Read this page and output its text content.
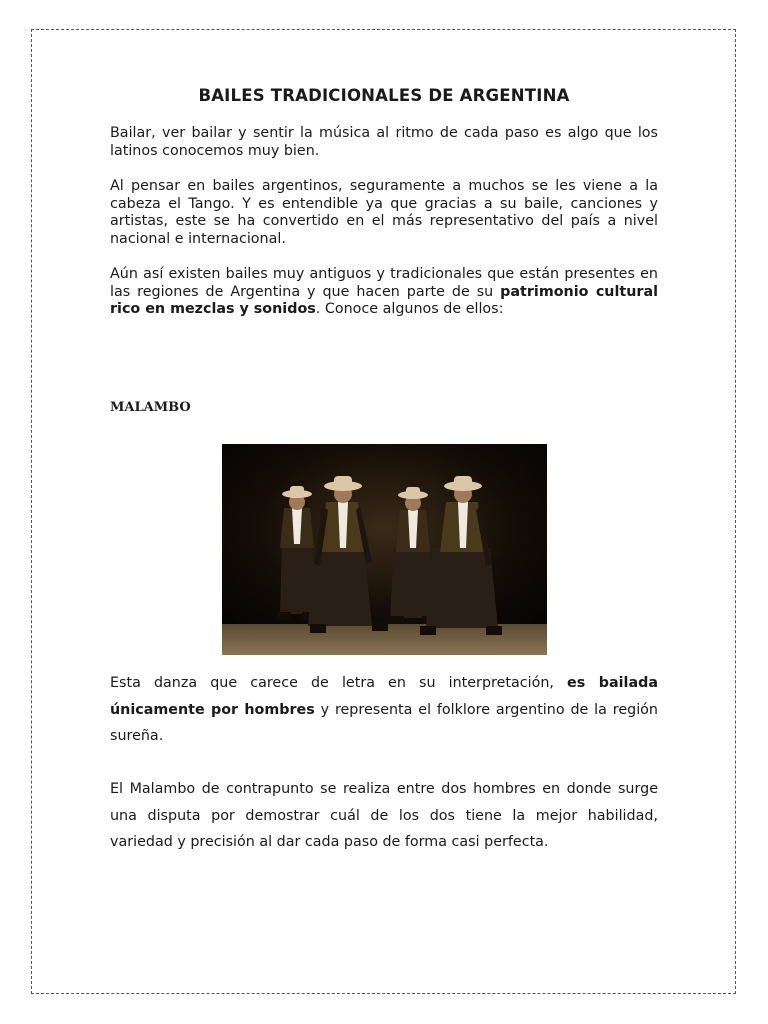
BAILES TRADICIONALES DE ARGENTINA

Bailar, ver bailar y sentir la música al ritmo de cada paso es algo que los latinos conocemos muy bien.

Al pensar en bailes argentinos, seguramente a muchos se les viene a la cabeza el Tango. Y es entendible ya que gracias a su baile, canciones y artistas, este se ha convertido en el más representativo del país a nivel nacional e internacional.

Aún así existen bailes muy antiguos y tradicionales que están presentes en las regiones de Argentina y que hacen parte de su patrimonio cultural rico en mezclas y sonidos. Conoce algunos de ellos:

MALAMBO

Esta danza que carece de letra en su interpretación, es bailada únicamente por hombres y representa el folklore argentino de la región sureña.

El Malambo de contrapunto se realiza entre dos hombres en donde surge una disputa por demostrar cuál de los dos tiene la mejor habilidad, variedad y precisión al dar cada paso de forma casi perfecta.
